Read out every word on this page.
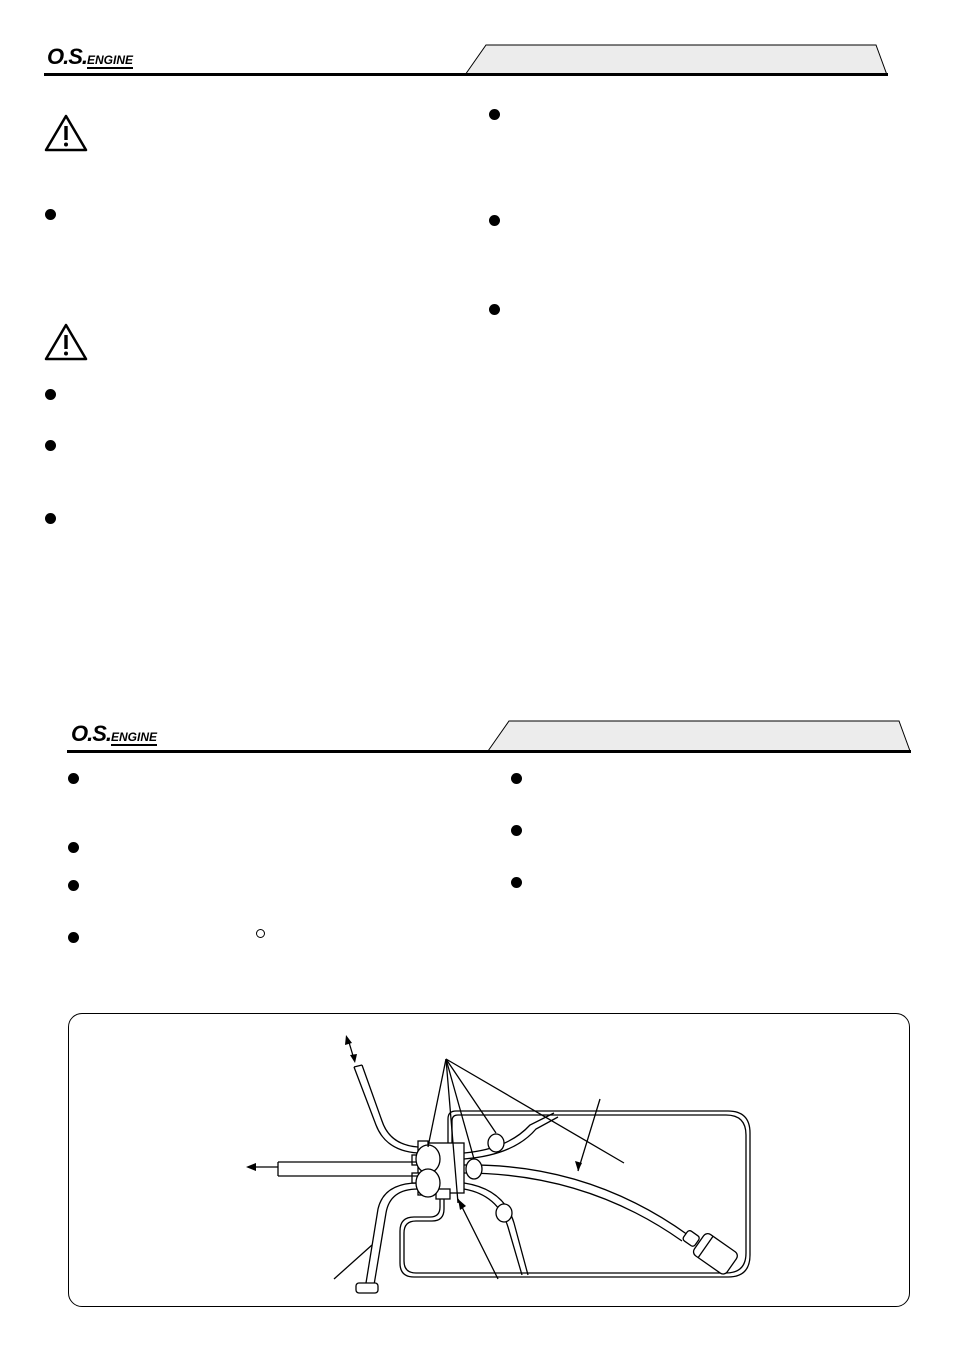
O.S.ENGINE
O.S.ENGINE
